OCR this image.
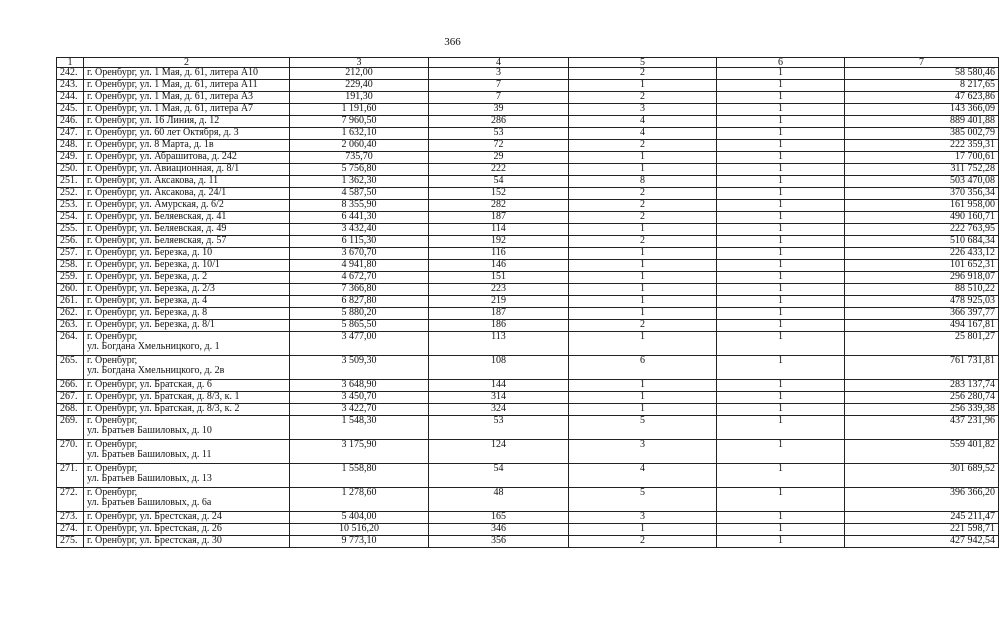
366
1	2	3	4	5	6	7
242.	г. Оренбург, ул. 1 Мая, д. 61, литера А10	212,00	3	2	1	58 580,46
243.	г. Оренбург, ул. 1 Мая, д. 61, литера А11	229,40	7	1	1	8 217,65
244.	г. Оренбург, ул. 1 Мая, д. 61, литера А3	191,30	7	2	1	47 623,86
245.	г. Оренбург, ул. 1 Мая, д. 61, литера А7	1 191,60	39	3	1	143 366,09
246.	г. Оренбург, ул. 16 Линия, д. 12	7 960,50	286	4	1	889 401,88
247.	г. Оренбург, ул. 60 лет Октября, д. 3	1 632,10	53	4	1	385 002,79
248.	г. Оренбург, ул. 8 Марта, д. 1в	2 060,40	72	2	1	222 359,31
249.	г. Оренбург, ул. Абрашитова, д. 242	735,70	29	1	1	17 700,61
250.	г. Оренбург, ул. Авиационная, д. 8/1	5 756,80	222	1	1	311 752,28
251.	г. Оренбург, ул. Аксакова, д. 11	1 362,30	54	8	1	503 470,08
252.	г. Оренбург, ул. Аксакова, д. 24/1	4 587,50	152	2	1	370 356,34
253.	г. Оренбург, ул. Амурская, д. 6/2	8 355,90	282	2	1	161 958,00
254.	г. Оренбург, ул. Беляевская, д. 41	6 441,30	187	2	1	490 160,71
255.	г. Оренбург, ул. Беляевская, д. 49	3 432,40	114	1	1	222 763,95
256.	г. Оренбург, ул. Беляевская, д. 57	6 115,30	192	2	1	510 684,34
257.	г. Оренбург, ул. Березка, д. 10	3 670,70	116	1	1	226 433,12
258.	г. Оренбург, ул. Березка, д. 10/1	4 941,80	146	1	1	101 652,31
259.	г. Оренбург, ул. Березка, д. 2	4 672,70	151	1	1	296 918,07
260.	г. Оренбург, ул. Березка, д. 2/3	7 366,80	223	1	1	88 510,22
261.	г. Оренбург, ул. Березка, д. 4	6 827,80	219	1	1	478 925,03
262.	г. Оренбург, ул. Березка, д. 8	5 880,20	187	1	1	366 397,77
263.	г. Оренбург, ул. Березка, д. 8/1	5 865,50	186	2	1	494 167,81
264.	г. Оренбург,
ул. Богдана Хмельницкого, д. 1	3 477,00	113	1	1	25 801,27
265.	г. Оренбург,
ул. Богдана Хмельницкого, д. 2в	3 509,30	108	6	1	761 731,81
266.	г. Оренбург, ул. Братская, д. 6	3 648,90	144	1	1	283 137,74
267.	г. Оренбург, ул. Братская, д. 8/3, к. 1	3 450,70	314	1	1	256 280,74
268.	г. Оренбург, ул. Братская, д. 8/3, к. 2	3 422,70	324	1	1	256 339,38
269.	г. Оренбург,
ул. Братьев Башиловых, д. 10	1 548,30	53	5	1	437 231,96
270.	г. Оренбург,
ул. Братьев Башиловых, д. 11	3 175,90	124	3	1	559 401,82
271.	г. Оренбург,
ул. Братьев Башиловых, д. 13	1 558,80	54	4	1	301 689,52
272.	г. Оренбург,
ул. Братьев Башиловых, д. 6а	1 278,60	48	5	1	396 366,20
273.	г. Оренбург, ул. Брестская, д. 24	5 404,00	165	3	1	245 211,47
274.	г. Оренбург, ул. Брестская, д. 26	10 516,20	346	1	1	221 598,71
275.	г. Оренбург, ул. Брестская, д. 30	9 773,10	356	2	1	427 942,54
